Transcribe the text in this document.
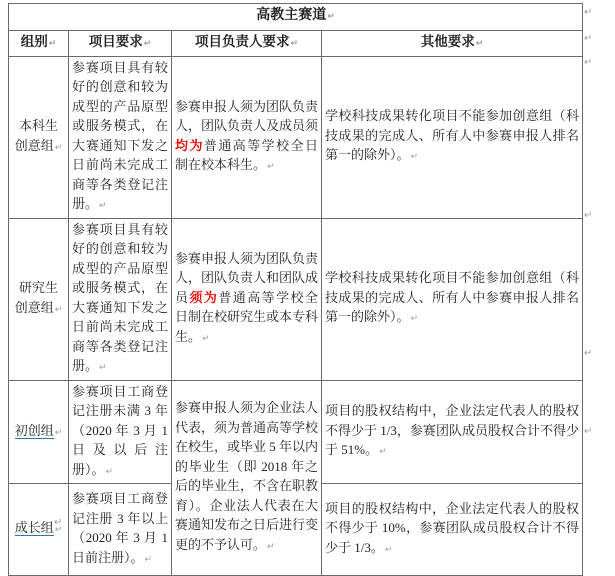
高教主赛道↵			
组别↵	项目要求↵	项目负责人要求↵	其他要求↵
本科生创意组↵	参赛项目具有较好的创意和较为成型的产品原型或服务模式，在大赛通知下发之日前尚未完成工商等各类登记注册。↵	参赛申报人须为团队负责人，团队负责人及成员须均为普通高等学校全日制在校本科生。↵	学校科技成果转化项目不能参加创意组（科技成果的完成人、所有人中参赛申报人排名第一的除外）。↵
研究生创意组↵	参赛项目具有较好的创意和较为成型的产品原型或服务模式，在大赛通知下发之日前尚未完成工商等各类登记注册。↵	参赛申报人须为团队负责人，团队负责人和团队成员须为普通高等学校全日制在校研究生或本专科生。↵	学校科技成果转化项目不能参加创意组（科技成果的完成人、所有人中参赛申报人排名第一的除外）。↵
初创组↵	参赛项目工商登记注册未满 3 年（2020 年 3 月 1 日及以后注册）。↵	参赛申报人须为企业法人代表，须为普通高等学校在校生，或毕业 5 年以内的毕业生（即 2018 年之后的毕业生，不含在职教育）。企业法人代表在大赛通知发布之日后进行变更的不予认可。↵	项目的股权结构中，企业法定代表人的股权不得少于 1/3，参赛团队成员股权合计不得少于 51%。↵
成长组↵	参赛项目工商登记注册 3 年以上（2020 年 3 月 1 日前注册）。↵		项目的股权结构中，企业法定代表人的股权不得少于 10%，参赛团队成员股权合计不得少于 1/3。↵
↵
↵
↵
↵
↵
↵
↵
